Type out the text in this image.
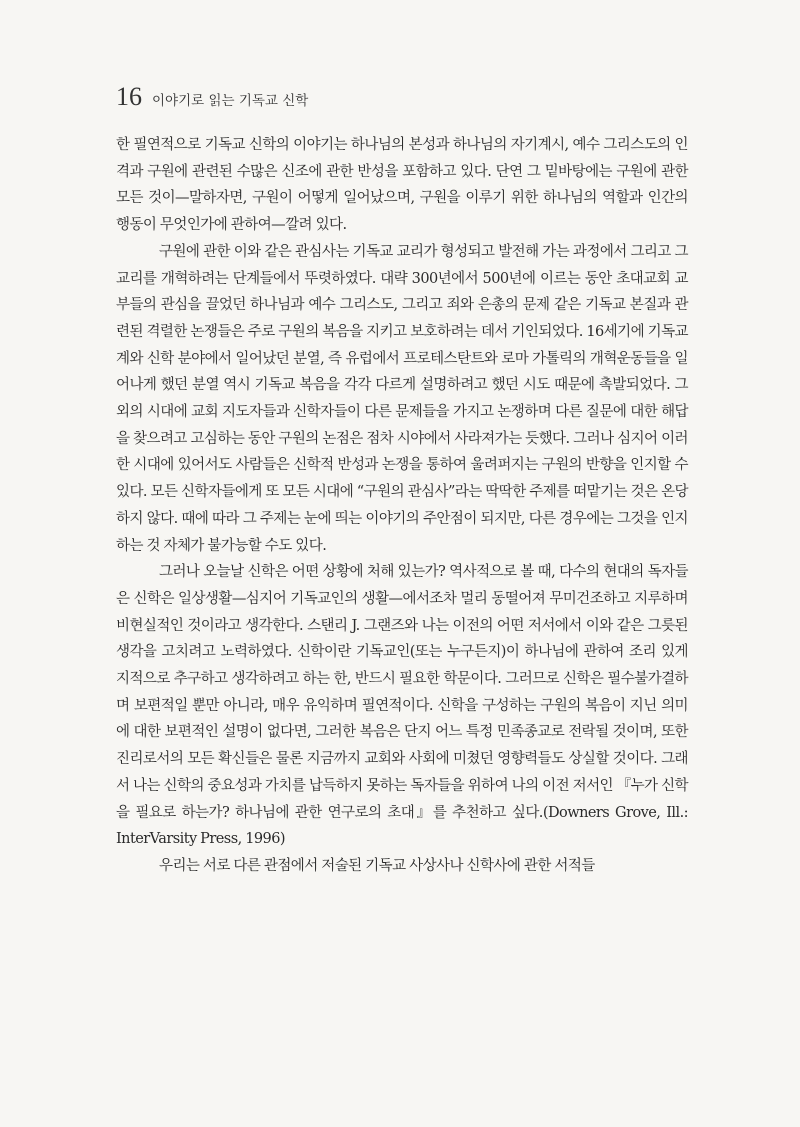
16 이야기로 읽는 기독교 신학

한 필연적으로 기독교 신학의 이야기는 하나님의 본성과 하나님의 자기계시, 예수 그리스도의 인격과 구원에 관련된 수많은 신조에 관한 반성을 포함하고 있다. 단연 그 밑바탕에는 구원에 관한 모든 것이—말하자면, 구원이 어떻게 일어났으며, 구원을 이루기 위한 하나님의 역할과 인간의 행동이 무엇인가에 관하여—깔려 있다.

구원에 관한 이와 같은 관심사는 기독교 교리가 형성되고 발전해 가는 과정에서 그리고 그 교리를 개혁하려는 단계들에서 뚜렷하였다. 대략 300년에서 500년에 이르는 동안 초대교회 교부들의 관심을 끌었던 하나님과 예수 그리스도, 그리고 죄와 은총의 문제 같은 기독교 본질과 관련된 격렬한 논쟁들은 주로 구원의 복음을 지키고 보호하려는 데서 기인되었다. 16세기에 기독교계와 신학 분야에서 일어났던 분열, 즉 유럽에서 프로테스탄트와 로마 가톨릭의 개혁운동들을 일어나게 했던 분열 역시 기독교 복음을 각각 다르게 설명하려고 했던 시도 때문에 촉발되었다. 그 외의 시대에 교회 지도자들과 신학자들이 다른 문제들을 가지고 논쟁하며 다른 질문에 대한 해답을 찾으려고 고심하는 동안 구원의 논점은 점차 시야에서 사라져가는 듯했다. 그러나 심지어 이러한 시대에 있어서도 사람들은 신학적 반성과 논쟁을 통하여 울려퍼지는 구원의 반향을 인지할 수 있다. 모든 신학자들에게 또 모든 시대에 “구원의 관심사”라는 딱딱한 주제를 떠맡기는 것은 온당하지 않다. 때에 따라 그 주제는 눈에 띄는 이야기의 주안점이 되지만, 다른 경우에는 그것을 인지하는 것 자체가 불가능할 수도 있다.

그러나 오늘날 신학은 어떤 상황에 처해 있는가? 역사적으로 볼 때, 다수의 현대의 독자들은 신학은 일상생활—심지어 기독교인의 생활—에서조차 멀리 동떨어져 무미건조하고 지루하며 비현실적인 것이라고 생각한다. 스탠리 J. 그랜즈와 나는 이전의 어떤 저서에서 이와 같은 그릇된 생각을 고치려고 노력하였다. 신학이란 기독교인(또는 누구든지)이 하나님에 관하여 조리 있게 지적으로 추구하고 생각하려고 하는 한, 반드시 필요한 학문이다. 그러므로 신학은 필수불가결하며 보편적일 뿐만 아니라, 매우 유익하며 필연적이다. 신학을 구성하는 구원의 복음이 지닌 의미에 대한 보편적인 설명이 없다면, 그러한 복음은 단지 어느 특정 민족종교로 전락될 것이며, 또한 진리로서의 모든 확신들은 물론 지금까지 교회와 사회에 미쳤던 영향력들도 상실할 것이다. 그래서 나는 신학의 중요성과 가치를 납득하지 못하는 독자들을 위하여 나의 이전 저서인 『누가 신학을 필요로 하는가? 하나님에 관한 연구로의 초대』를 추천하고 싶다.(Downers Grove, Ill.: InterVarsity Press, 1996)

우리는 서로 다른 관점에서 저술된 기독교 사상사나 신학사에 관한 서적들
